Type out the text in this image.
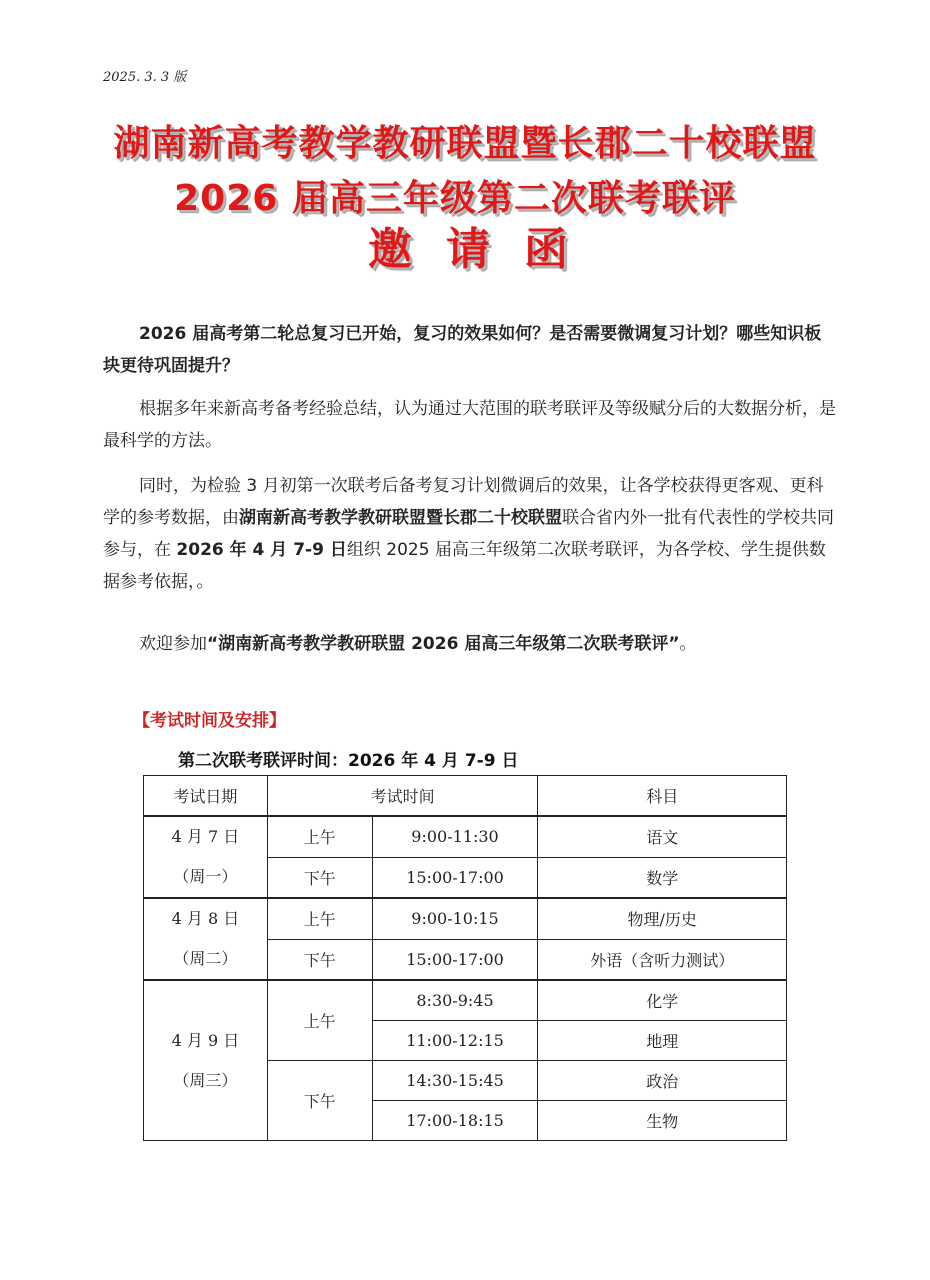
2025. 3. 3 版
湖南新高考教学教研联盟暨长郡二十校联盟
2026 届高三年级第二次联考联评
邀请函

2026 届高考第二轮总复习已开始，复习的效果如何？是否需要微调复习计划？哪些知识板块更待巩固提升？

根据多年来新高考备考经验总结，认为通过大范围的联考联评及等级赋分后的大数据分析，是最科学的方法。

同时，为检验 3 月初第一次联考后备考复习计划微调后的效果，让各学校获得更客观、更科学的参考数据，由湖南新高考教学教研联盟暨长郡二十校联盟联合省内外一批有代表性的学校共同参与，在 2026 年 4 月 7-9 日组织 2025 届高三年级第二次联考联评，为各学校、学生提供数据参考依据，。

欢迎参加“湖南新高考教学教研联盟 2026 届高三年级第二次联考联评”。

【考试时间及安排】
第二次联考联评时间：2026 年 4 月 7-9 日
考试日期	考试时间		科目

4 月 7 日
（周一）	上午	9:00-11:30	语文
	下午	15:00-17:00	数学

4 月 8 日
（周二）	上午	9:00-10:15	物理/历史
	下午	15:00-17:00	外语（含听力测试）

4 月 9 日
（周三）	上午	8:30-9:45	化学
		11:00-12:15	地理
	下午	14:30-15:45	政治
		17:00-18:15	生物
